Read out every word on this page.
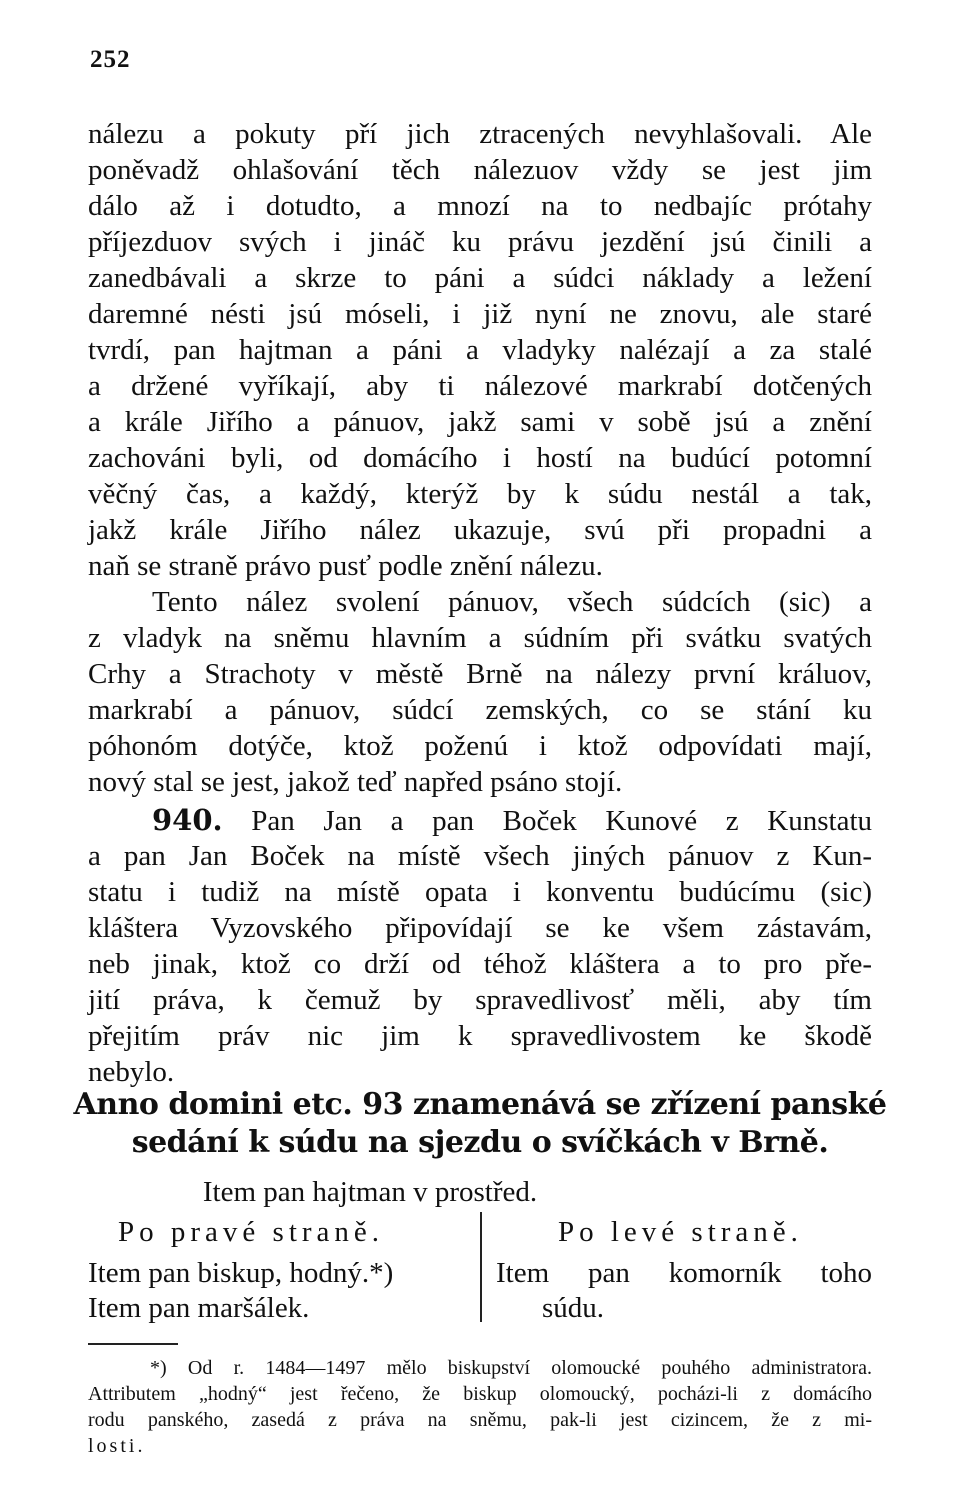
252
nálezu a pokuty pří jich ztracených nevyhlašovali. Ale
poněvadž ohlašování těch nálezuov vždy se jest jim
dálo až i dotudto, a mnozí na to nedbajíc prótahy
příjezduov svých i jináč ku právu jezdění jsú činili a
zanedbávali a skrze to páni a súdci náklady a ležení
daremné nésti jsú móseli, i již nyní ne znovu, ale staré
tvrdí, pan hajtman a páni a vladyky nalézají a za stalé
a držené vyříkají, aby ti nálezové markrabí dotčených
a krále Jiřího a pánuov, jakž sami v sobě jsú a znění
zachováni byli, od domácího i hostí na budúcí potomní
věčný čas, a každý, kterýž by k súdu nestál a tak,
jakž krále Jiřího nález ukazuje, svú při propadni a
naň se straně právo pusť podle znění nálezu.
Tento nález svolení pánuov, všech súdcích (sic) a
z vladyk na sněmu hlavním a súdním při svátku svatých
Crhy a Strachoty v městě Brně na nálezy první králuov,
markrabí a pánuov, súdcí zemských, co se stání ku
póhonóm dotýče, ktož poženú i ktož odpovídati mají,
nový stal se jest, jakož teď napřed psáno stojí.
940. Pan Jan a pan Boček Kunové z Kunstatu
a pan Jan Boček na místě všech jiných pánuov z Kun-
statu i tudiž na místě opata i konventu budúcímu (sic)
kláštera Vyzovského připovídají se ke všem zástavám,
neb jinak, ktož co drží od téhož kláštera a to pro pře-
jití práva, k čemuž by spravedlivosť měli, aby tím
přejitím práv nic jim k spravedlivostem ke škodě
nebylo.
Anno domini etc. 93 znamenává se zřízení panské
sedání k súdu na sjezdu o svíčkách v Brně.
Item pan hajtman v prostřed.
Po pravé straně.	Po levé straně.
Item pan biskup, hodný.*)
Item pan maršálek.
Item pan komorník toho
súdu.
*) Od r. 1484—1497 mělo biskupství olomoucké pouhého administratora.
Attributem „hodný“ jest řečeno, že biskup olomoucký, pocházi-li z domácího
rodu panského, zasedá z práva na sněmu, pak-li jest cizincem, že z mi-
losti.
